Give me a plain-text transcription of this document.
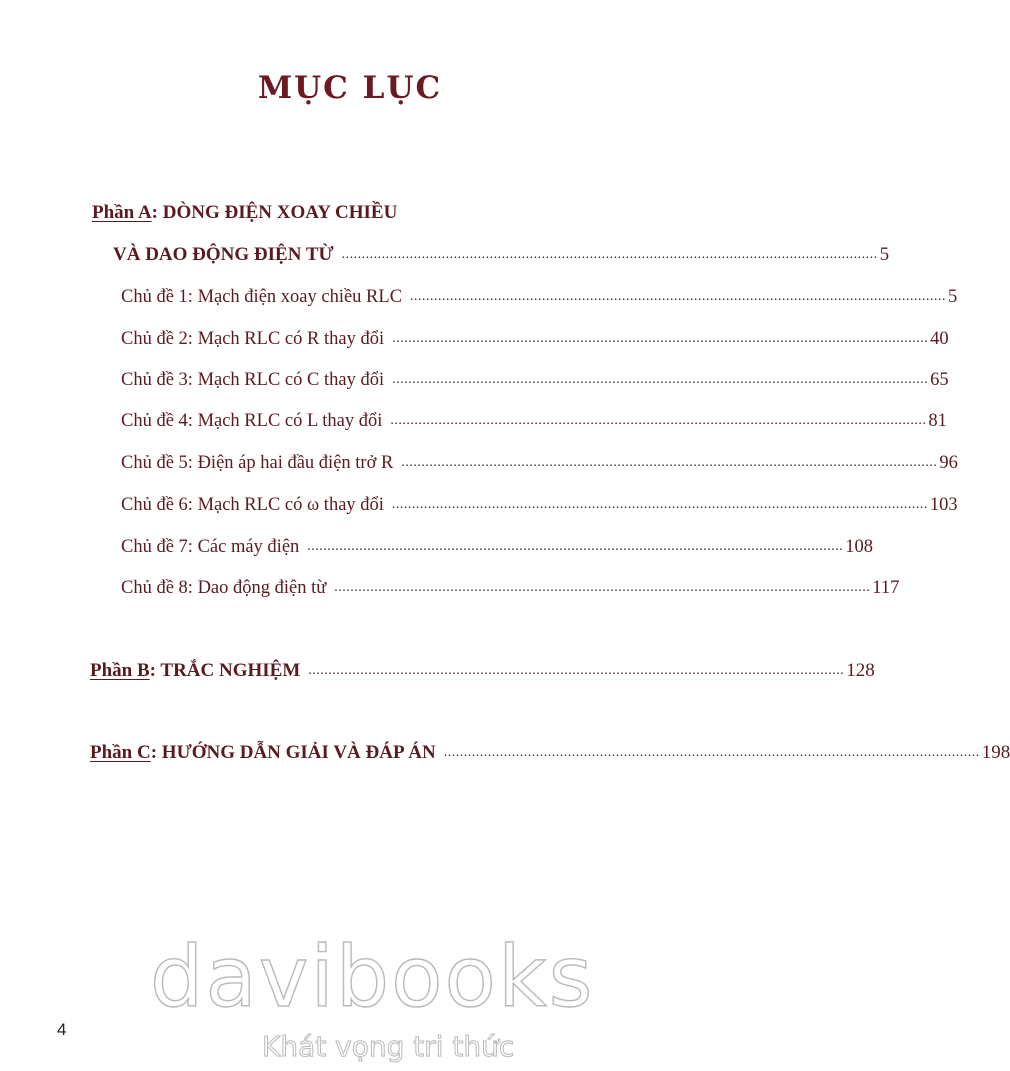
MỤC LỤC
Phần A: DÒNG ĐIỆN XOAY CHIỀU
VÀ DAO ĐỘNG ĐIỆN TỪ ...................................................................................................................................... 5
Chủ đề 1: Mạch điện xoay chiều RLC ...................................................................................................................................... 5
Chủ đề 2: Mạch RLC có R thay đổi ...................................................................................................................................... 40
Chủ đề 3: Mạch RLC có C thay đổi ...................................................................................................................................... 65
Chủ đề 4: Mạch RLC có L thay đổi ...................................................................................................................................... 81
Chủ đề 5: Điện áp hai đầu điện trở R ...................................................................................................................................... 96
Chủ đề 6: Mạch RLC có ω thay đổi ...................................................................................................................................... 103
Chủ đề 7: Các máy điện ...................................................................................................................................... 108
Chủ đề 8: Dao động điện từ ...................................................................................................................................... 117
Phần B: TRẮC NGHIỆM ...................................................................................................................................... 128
Phần C: HƯỚNG DẪN GIẢI VÀ ĐÁP ÁN ...................................................................................................................................... 198
davibooks
Khát vọng tri thức
4
